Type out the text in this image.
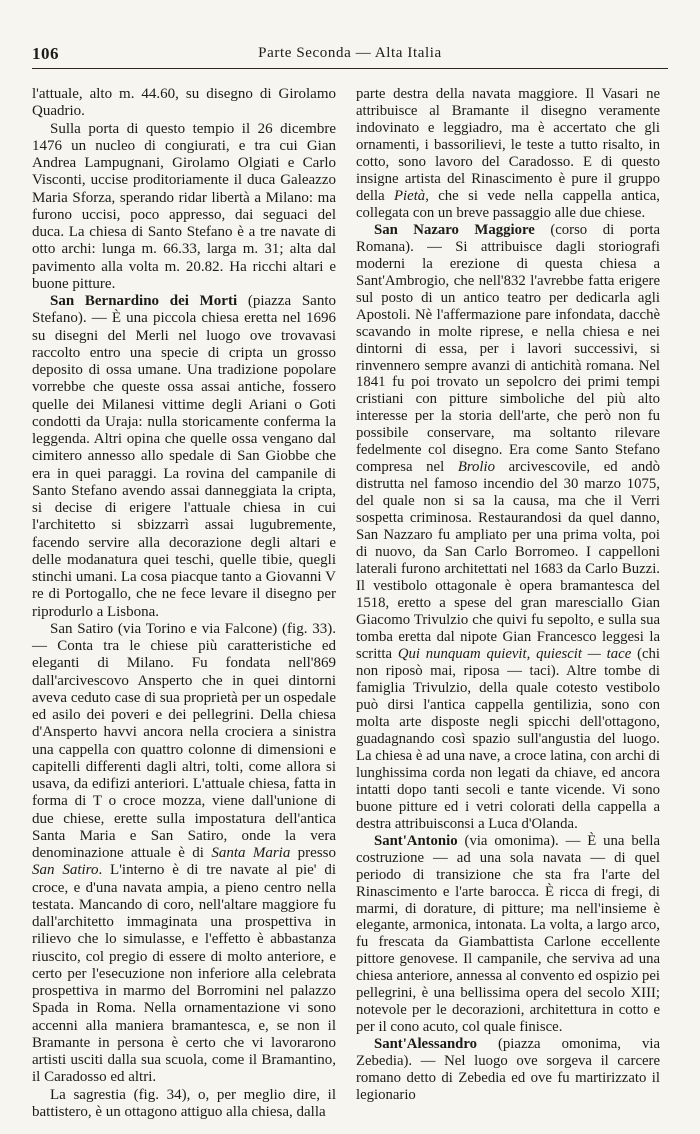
106	Parte Seconda — Alta Italia

l'attuale, alto m. 44.60, su disegno di Girolamo Quadrio.

Sulla porta di questo tempio il 26 dicembre 1476 un nucleo di congiurati, e tra cui Gian Andrea Lampugnani, Girolamo Olgiati e Carlo Visconti, uccise proditoriamente il duca Galeazzo Maria Sforza, sperando ridar libertà a Milano: ma furono uccisi, poco appresso, dai seguaci del duca. La chiesa di Santo Stefano è a tre navate di otto archi: lunga m. 66.33, larga m. 31; alta dal pavimento alla volta m. 20.82. Ha ricchi altari e buone pitture.

San Bernardino dei Morti (piazza Santo Stefano). — È una piccola chiesa eretta nel 1696 su disegni del Merli nel luogo ove trovavasi raccolto entro una specie di cripta un grosso deposito di ossa umane. Una tradizione popolare vorrebbe che queste ossa assai antiche, fossero quelle dei Milanesi vittime degli Ariani o Goti condotti da Uraja: nulla storicamente conferma la leggenda. Altri opina che quelle ossa vengano dal cimitero annesso allo spedale di San Giobbe che era in quei paraggi. La rovina del campanile di Santo Stefano avendo assai danneggiata la cripta, si decise di erigere l'attuale chiesa in cui l'architetto si sbizzarrì assai lugubremente, facendo servire alla decorazione degli altari e delle modanatura quei teschi, quelle tibie, quegli stinchi umani. La cosa piacque tanto a Giovanni V re di Portogallo, che ne fece levare il disegno per riprodurlo a Lisbona.

San Satiro (via Torino e via Falcone) (fig. 33). — Conta tra le chiese più caratteristiche ed eleganti di Milano. Fu fondata nell'869 dall'arcivescovo Ansperto che in quei dintorni aveva ceduto case di sua proprietà per un ospedale ed asilo dei poveri e dei pellegrini. Della chiesa d'Ansperto havvi ancora nella crociera a sinistra una cappella con quattro colonne di dimensioni e capitelli differenti dagli altri, tolti, come allora si usava, da edifizi anteriori. L'attuale chiesa, fatta in forma di T o croce mozza, viene dall'unione di due chiese, erette sulla impostatura dell'antica Santa Maria e San Satiro, onde la vera denominazione attuale è di Santa Maria presso San Satiro. L'interno è di tre navate al pie' di croce, e d'una navata ampia, a pieno centro nella testata. Mancando di coro, nell'altare maggiore fu dall'architetto immaginata una prospettiva in rilievo che lo simulasse, e l'effetto è abbastanza riuscito, col pregio di essere di molto anteriore, e certo per l'esecuzione non inferiore alla celebrata prospettiva in marmo del Borromini nel palazzo Spada in Roma. Nella ornamentazione vi sono accenni alla maniera bramantesca, e, se non il Bramante in persona è certo che vi lavorarono artisti usciti dalla sua scuola, come il Bramantino, il Caradosso ed altri.

La sagrestia (fig. 34), o, per meglio dire, il battistero, è un ottagono attiguo alla chiesa, dalla

parte destra della navata maggiore. Il Vasari ne attribuisce al Bramante il disegno veramente indovinato e leggiadro, ma è accertato che gli ornamenti, i bassorilievi, le teste a tutto risalto, in cotto, sono lavoro del Caradosso. E di questo insigne artista del Rinascimento è pure il gruppo della Pietà, che si vede nella cappella antica, collegata con un breve passaggio alle due chiese.

San Nazaro Maggiore (corso di porta Romana). — Si attribuisce dagli storiografi moderni la erezione di questa chiesa a Sant'Ambrogio, che nell'832 l'avrebbe fatta erigere sul posto di un antico teatro per dedicarla agli Apostoli. Nè l'affermazione pare infondata, dacchè scavando in molte riprese, e nella chiesa e nei dintorni di essa, per i lavori successivi, si rinvennero sempre avanzi di antichità romana. Nel 1841 fu poi trovato un sepolcro dei primi tempi cristiani con pitture simboliche del più alto interesse per la storia dell'arte, che però non fu possibile conservare, ma soltanto rilevare fedelmente col disegno. Era come Santo Stefano compresa nel Brolio arcivescovile, ed andò distrutta nel famoso incendio del 30 marzo 1075, del quale non si sa la causa, ma che il Verri sospetta criminosa. Restaurandosi da quel danno, San Nazzaro fu ampliato per una prima volta, poi di nuovo, da San Carlo Borromeo. I cappelloni laterali furono architettati nel 1683 da Carlo Buzzi. Il vestibolo ottagonale è opera bramantesca del 1518, eretto a spese del gran maresciallo Gian Giacomo Trivulzio che quivi fu sepolto, e sulla sua tomba eretta dal nipote Gian Francesco leggesi la scritta Qui nunquam quievit, quiescit — tace (chi non riposò mai, riposa — taci). Altre tombe di famiglia Trivulzio, della quale cotesto vestibolo può dirsi l'antica cappella gentilizia, sono con molta arte disposte negli spicchi dell'ottagono, guadagnando così spazio sull'angustia del luogo. La chiesa è ad una nave, a croce latina, con archi di lunghissima corda non legati da chiave, ed ancora intatti dopo tanti secoli e tante vicende. Vi sono buone pitture ed i vetri colorati della cappella a destra attribuisconsi a Luca d'Olanda.

Sant'Antonio (via omonima). — È una bella costruzione — ad una sola navata — di quel periodo di transizione che sta fra l'arte del Rinascimento e l'arte barocca. È ricca di fregi, di marmi, di dorature, di pitture; ma nell'insieme è elegante, armonica, intonata. La volta, a largo arco, fu frescata da Giambattista Carlone eccellente pittore genovese. Il campanile, che serviva ad una chiesa anteriore, annessa al convento ed ospizio pei pellegrini, è una bellissima opera del secolo XIII; notevole per le decorazioni, architettura in cotto e per il cono acuto, col quale finisce.

Sant'Alessandro (piazza omonima, via Zebedia). — Nel luogo ove sorgeva il carcere romano detto di Zebedia ed ove fu martirizzato il legionario
